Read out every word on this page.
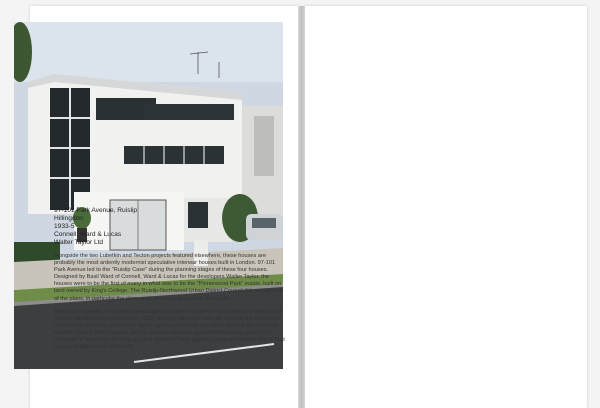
97-101 Park Avenue, Ruislip
Hillingdon
1933-5
Connell, Ward & Lucas
Walter Taylor Ltd

Alongside the two Lubetkin and Tecton projects featured elsewhere, these houses are probably the most ardently modernist speculative interwar houses built in London. 97-101 Park Avenue led to the "Ruislip Case" during the planning stages of these four houses. Designed by Basil Ward of Connell, Ward & Lucas for the developers Walter Taylor, the houses were to be the first of many in what was to be the "Pinnerwood Park" estate, built on land owned by King's College. The Ruislip-Northwood Urban District Council did not approve of the plans, in particular the glass staircases facing out onto the street.

After many appeals, the designs were approved with reductions in the amount of glass used and the houses were completed in 1935. Winning the court case did not help the modernist cause in the suburbs, with Walter Taylor opting not to build any more. Despite the setbacks and the tweaks, these houses are the nearest suburban speculative housing came to Le Corbusier's "machines for living in", and seems to have gained a local acceptance with a 21st century lookalike built at No.103.
